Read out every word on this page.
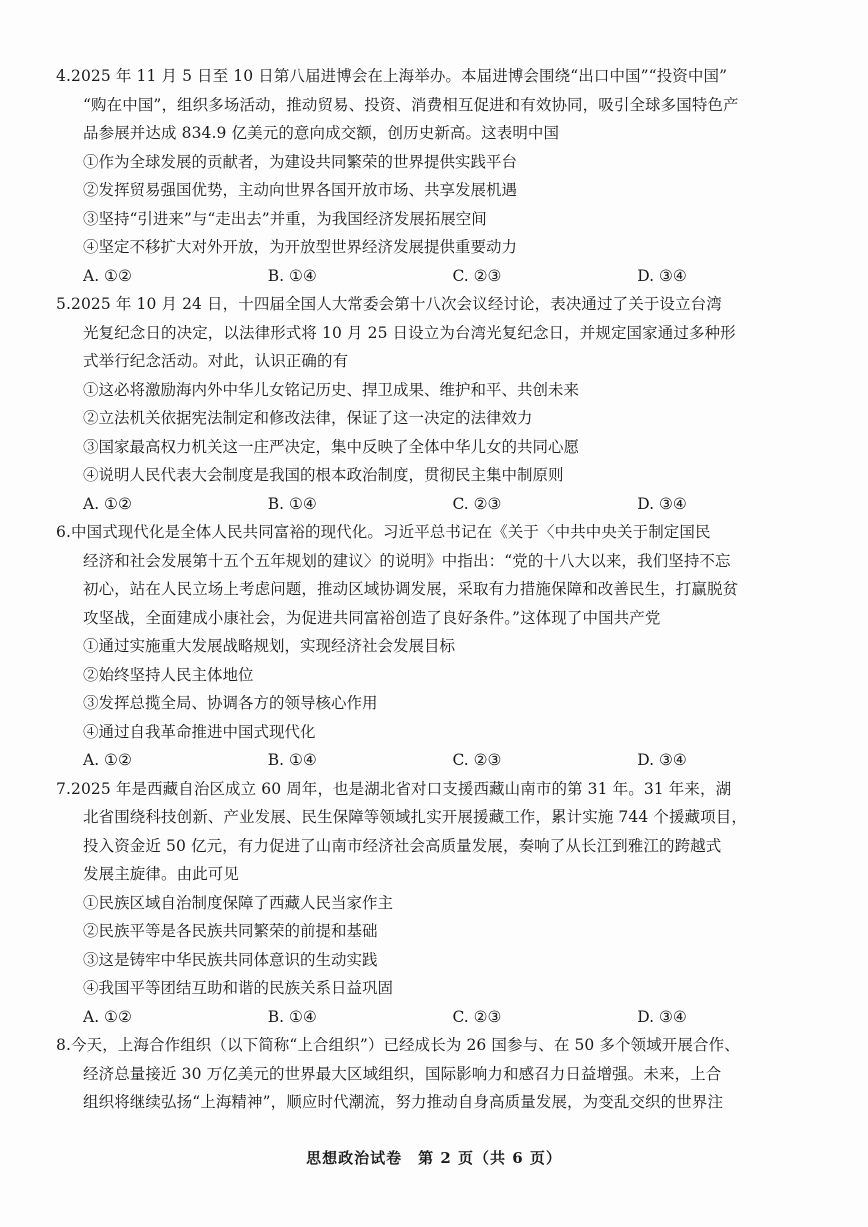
4.2025 年 11 月 5 日至 10 日第八届进博会在上海举办。本届进博会围绕“出口中国”“投资中国”

“购在中国”，组织多场活动，推动贸易、投资、消费相互促进和有效协同，吸引全球多国特色产

品参展并达成 834.9 亿美元的意向成交额，创历史新高。这表明中国

①作为全球发展的贡献者，为建设共同繁荣的世界提供实践平台

②发挥贸易强国优势，主动向世界各国开放市场、共享发展机遇

③坚持“引进来”与“走出去”并重，为我国经济发展拓展空间

④坚定不移扩大对外开放，为开放型世界经济发展提供重要动力

A. ①②	B. ①④	C. ②③	D. ③④

5.2025 年 10 月 24 日，十四届全国人大常委会第十八次会议经讨论，表决通过了关于设立台湾

光复纪念日的决定，以法律形式将 10 月 25 日设立为台湾光复纪念日，并规定国家通过多种形

式举行纪念活动。对此，认识正确的有

①这必将激励海内外中华儿女铭记历史、捍卫成果、维护和平、共创未来

②立法机关依据宪法制定和修改法律，保证了这一决定的法律效力

③国家最高权力机关这一庄严决定，集中反映了全体中华儿女的共同心愿

④说明人民代表大会制度是我国的根本政治制度，贯彻民主集中制原则

A. ①②	B. ①④	C. ②③	D. ③④

6.中国式现代化是全体人民共同富裕的现代化。习近平总书记在《关于〈中共中央关于制定国民

经济和社会发展第十五个五年规划的建议〉的说明》中指出：“党的十八大以来，我们坚持不忘

初心，站在人民立场上考虑问题，推动区域协调发展，采取有力措施保障和改善民生，打赢脱贫

攻坚战，全面建成小康社会，为促进共同富裕创造了良好条件。”这体现了中国共产党

①通过实施重大发展战略规划，实现经济社会发展目标

②始终坚持人民主体地位

③发挥总揽全局、协调各方的领导核心作用

④通过自我革命推进中国式现代化

A. ①②	B. ①④	C. ②③	D. ③④

7.2025 年是西藏自治区成立 60 周年，也是湖北省对口支援西藏山南市的第 31 年。31 年来，湖

北省围绕科技创新、产业发展、民生保障等领域扎实开展援藏工作，累计实施 744 个援藏项目，

投入资金近 50 亿元，有力促进了山南市经济社会高质量发展，奏响了从长江到雅江的跨越式

发展主旋律。由此可见

①民族区域自治制度保障了西藏人民当家作主

②民族平等是各民族共同繁荣的前提和基础

③这是铸牢中华民族共同体意识的生动实践

④我国平等团结互助和谐的民族关系日益巩固

A. ①②	B. ①④	C. ②③	D. ③④

8.今天，上海合作组织（以下简称“上合组织”）已经成长为 26 国参与、在 50 多个领域开展合作、

经济总量接近 30 万亿美元的世界最大区域组织，国际影响力和感召力日益增强。未来，上合

组织将继续弘扬“上海精神”，顺应时代潮流，努力推动自身高质量发展，为变乱交织的世界注

思想政治试卷　第 2 页（共 6 页）
